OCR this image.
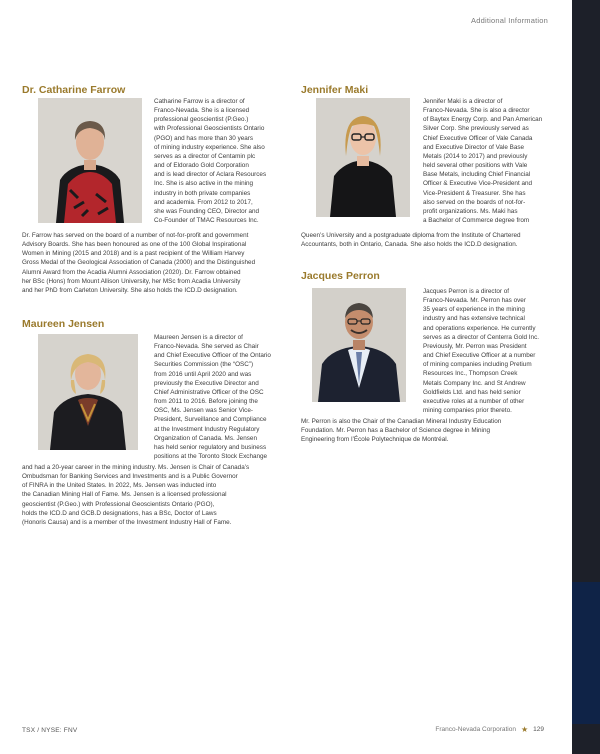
Additional Information
Dr. Catharine Farrow

Catharine Farrow is a director of

Franco-Nevada. She is a licensed

professional geoscientist (P.Geo.)

with Professional Geoscientists Ontario

(PGO) and has more than 30 years

of mining industry experience. She also

serves as a director of Centamin plc

and of Eldorado Gold Corporation

and is lead director of Aclara Resources

Inc. She is also active in the mining

industry in both private companies

and academia. From 2012 to 2017,

she was Founding CEO, Director and

Co-Founder of TMAC Resources Inc.

Dr. Farrow has served on the board of a number of not-for-profit and government

Advisory Boards. She has been honoured as one of the 100 Global Inspirational

Women in Mining (2015 and 2018) and is a past recipient of the William Harvey

Gross Medal of the Geological Association of Canada (2000) and the Distinguished

Alumni Award from the Acadia Alumni Association (2020). Dr. Farrow obtained

her BSc (Hons) from Mount Allison University, her MSc from Acadia University

and her PhD from Carleton University. She also holds the ICD.D designation.

Maureen Jensen

Maureen Jensen is a director of

Franco-Nevada. She served as Chair

and Chief Executive Officer of the Ontario

Securities Commission (the “OSC”)

from 2016 until April 2020 and was

previously the Executive Director and

Chief Administrative Officer of the OSC

from 2011 to 2016. Before joining the

OSC, Ms. Jensen was Senior Vice-

President, Surveillance and Compliance

at the Investment Industry Regulatory

Organization of Canada. Ms. Jensen

has held senior regulatory and business

positions at the Toronto Stock Exchange

and had a 20-year career in the mining industry. Ms. Jensen is Chair of Canada’s

Ombudsman for Banking Services and Investments and is a Public Governor

of FINRA in the United States. In 2022, Ms. Jensen was inducted into

the Canadian Mining Hall of Fame. Ms. Jensen is a licensed professional

geoscientist (P.Geo.) with Professional Geoscientists Ontario (PGO),

holds the ICD.D and GCB.D designations, has a BSc, Doctor of Laws

(Honoris Causa) and is a member of the Investment Industry Hall of Fame.

Jennifer Maki

Jennifer Maki is a director of

Franco-Nevada. She is also a director

of Baytex Energy Corp. and Pan American

Silver Corp. She previously served as

Chief Executive Officer of Vale Canada

and Executive Director of Vale Base

Metals (2014 to 2017) and previously

held several other positions with Vale

Base Metals, including Chief Financial

Officer & Executive Vice-President and

Vice-President & Treasurer. She has

also served on the boards of not-for-

profit organizations. Ms. Maki has

a Bachelor of Commerce degree from

Queen’s University and a postgraduate diploma from the Institute of Chartered

Accountants, both in Ontario, Canada. She also holds the ICD.D designation.

Jacques Perron

Jacques Perron is a director of

Franco-Nevada. Mr. Perron has over

35 years of experience in the mining

industry and has extensive technical

and operations experience. He currently

serves as a director of Centerra Gold Inc.

Previously, Mr. Perron was President

and Chief Executive Officer at a number

of mining companies including Pretium

Resources Inc., Thompson Creek

Metals Company Inc. and St Andrew

Goldfields Ltd. and has held senior

executive roles at a number of other

mining companies prior thereto.

Mr. Perron is also the Chair of the Canadian Mineral Industry Education

Foundation. Mr. Perron has a Bachelor of Science degree in Mining

Engineering from l’École Polytechnique de Montréal.

TSX / NYSE: FNV	Franco-Nevada Corporation ★ 129
